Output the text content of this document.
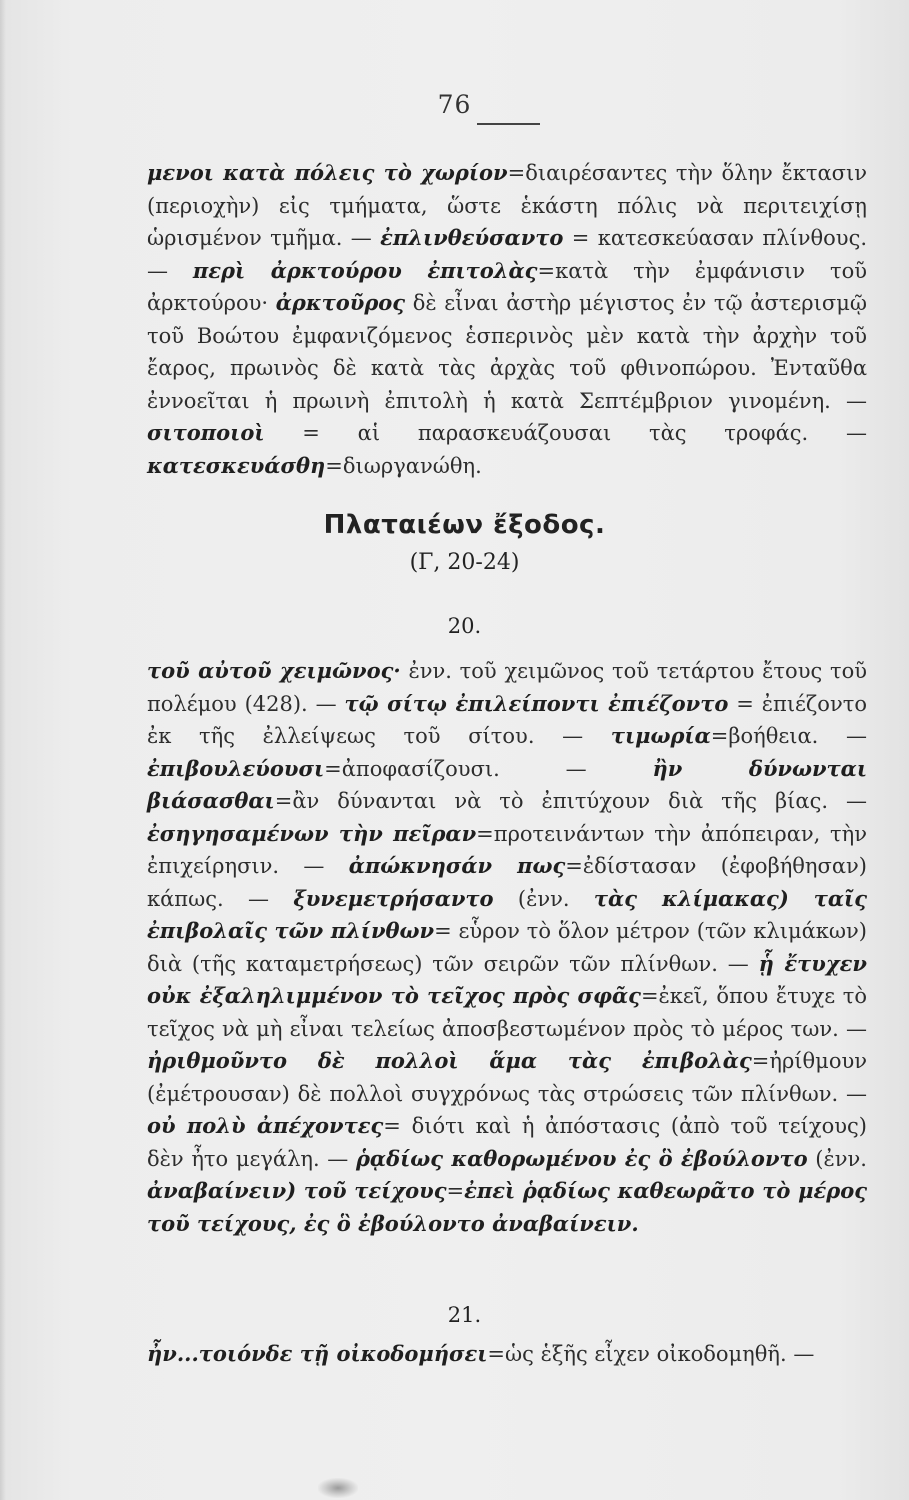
76

μενοι κατὰ πόλεις τὸ χωρίον=διαιρέσαντες τὴν ὅλην ἔκτασιν (περιοχὴν) εἰς τμήματα, ὥστε ἑκάστη πόλις νὰ περιτειχίσῃ ὡρισμένον τμῆμα. — ἐπλινθεύσαντο = κατεσκεύασαν πλίνθους. — περὶ ἀρκτούρου ἐπιτολὰς=κατὰ τὴν ἐμφάνισιν τοῦ ἀρκτούρου· ἀρκτοῦρος δὲ εἶναι ἀστὴρ μέγιστος ἐν τῷ ἀστερισμῷ τοῦ Βοώτου ἐμφανιζόμενος ἑσπερινὸς μὲν κατὰ τὴν ἀρχὴν τοῦ ἔαρος, πρωινὸς δὲ κατὰ τὰς ἀρχὰς τοῦ φθινοπώρου. Ἐνταῦθα ἐννοεῖται ἡ πρωινὴ ἐπιτολὴ ἡ κατὰ Σεπτέμβριον γινομένη. — σιτοποιοὶ = αἱ παρασκευάζουσαι τὰς τροφάς. —κατεσκευάσθη=διωργανώθη.

Πλαταιέων ἔξοδος.
(Γ, 20-24)
20.

τοῦ αὐτοῦ χειμῶνος· ἐνν. τοῦ χειμῶνος τοῦ τετάρτου ἔτους τοῦ πολέμου (428). — τῷ σίτῳ ἐπιλείποντι ἐπιέζοντο = ἐπιέζοντο ἐκ τῆς ἐλλείψεως τοῦ σίτου. — τιμωρία=βοήθεια. — ἐπιβουλεύουσι=ἀποφασίζουσι. — ἢν δύνωνται βιάσασθαι=ἂν δύνανται νὰ τὸ ἐπιτύχουν διὰ τῆς βίας. — ἐσηγησαμένων τὴν πεῖραν=προτεινάντων τὴν ἀπόπειραν, τὴν ἐπιχείρησιν. — ἀπώκνησάν πως=ἐδίστασαν (ἐφοβήθησαν) κάπως. — ξυνεμετρήσαντο (ἐνν. τὰς κλίμακας) ταῖς ἐπιβολαῖς τῶν πλίνθων= εὗρον τὸ ὅλον μέτρον (τῶν κλιμάκων) διὰ (τῆς καταμετρήσεως) τῶν σειρῶν τῶν πλίνθων. — ᾗ ἔτυχεν οὐκ ἐξαληλιμμένον τὸ τεῖχος πρὸς σφᾶς=ἐκεῖ, ὅπου ἔτυχε τὸ τεῖχος νὰ μὴ εἶναι τελείως ἀποσβεστωμένον πρὸς τὸ μέρος των. — ἠριθμοῦντο δὲ πολλοὶ ἅμα τὰς ἐπιβολὰς=ἠρίθμουν (ἐμέτρουσαν) δὲ πολλοὶ συγχρόνως τὰς στρώσεις τῶν πλίνθων. — οὐ πολὺ ἀπέχοντες= διότι καὶ ἡ ἀπόστασις (ἀπὸ τοῦ τείχους) δὲν ἦτο μεγάλη. — ῥᾳδίως καθορωμένου ἐς ὃ ἐβούλοντο (ἐνν. ἀναβαίνειν) τοῦ τείχους=ἐπεὶ ῥᾳδίως καθεωρᾶτο τὸ μέρος τοῦ τείχους, ἐς ὃ ἐβούλοντο ἀναβαίνειν.

21.

ἦν...τοιόνδε τῇ οἰκοδομήσει=ὡς ἑξῆς εἶχεν οἰκοδομηθῆ. —
